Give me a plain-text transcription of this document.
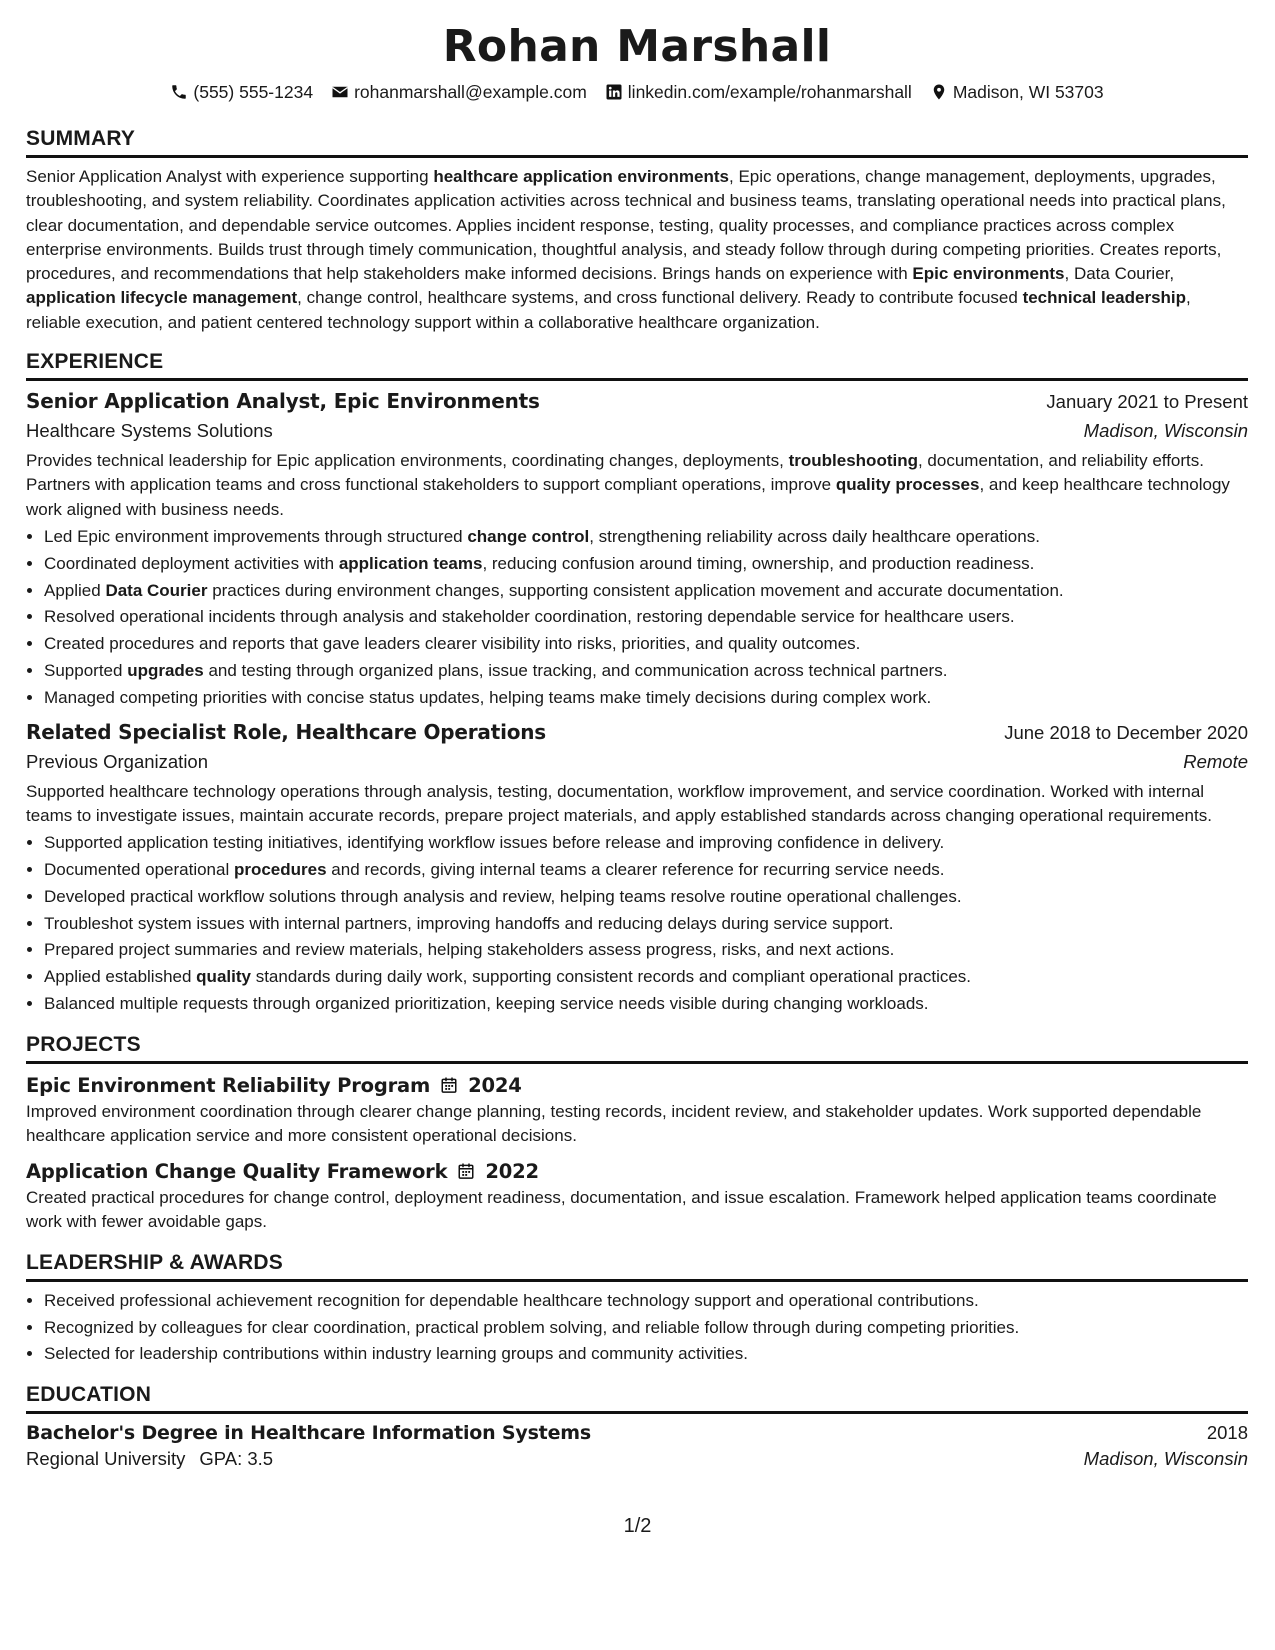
Rohan Marshall
(555) 555-1234 rohanmarshall@example.com linkedin.com/example/rohanmarshall Madison, WI 53703
SUMMARY
Senior Application Analyst with experience supporting healthcare application environments, Epic operations, change management, deployments, upgrades, troubleshooting, and system reliability. Coordinates application activities across technical and business teams, translating operational needs into practical plans, clear documentation, and dependable service outcomes. Applies incident response, testing, quality processes, and compliance practices across complex enterprise environments. Builds trust through timely communication, thoughtful analysis, and steady follow through during competing priorities. Creates reports, procedures, and recommendations that help stakeholders make informed decisions. Brings hands on experience with Epic environments, Data Courier, application lifecycle management, change control, healthcare systems, and cross functional delivery. Ready to contribute focused technical leadership, reliable execution, and patient centered technology support within a collaborative healthcare organization.
EXPERIENCE
Senior Application Analyst, Epic Environments	January 2021 to Present
Healthcare Systems Solutions	Madison, Wisconsin
Provides technical leadership for Epic application environments, coordinating changes, deployments, troubleshooting, documentation, and reliability efforts. Partners with application teams and cross functional stakeholders to support compliant operations, improve quality processes, and keep healthcare technology work aligned with business needs.
• Led Epic environment improvements through structured change control, strengthening reliability across daily healthcare operations.
• Coordinated deployment activities with application teams, reducing confusion around timing, ownership, and production readiness.
• Applied Data Courier practices during environment changes, supporting consistent application movement and accurate documentation.
• Resolved operational incidents through analysis and stakeholder coordination, restoring dependable service for healthcare users.
• Created procedures and reports that gave leaders clearer visibility into risks, priorities, and quality outcomes.
• Supported upgrades and testing through organized plans, issue tracking, and communication across technical partners.
• Managed competing priorities with concise status updates, helping teams make timely decisions during complex work.
Related Specialist Role, Healthcare Operations	June 2018 to December 2020
Previous Organization	Remote
Supported healthcare technology operations through analysis, testing, documentation, workflow improvement, and service coordination. Worked with internal teams to investigate issues, maintain accurate records, prepare project materials, and apply established standards across changing operational requirements.
• Supported application testing initiatives, identifying workflow issues before release and improving confidence in delivery.
• Documented operational procedures and records, giving internal teams a clearer reference for recurring service needs.
• Developed practical workflow solutions through analysis and review, helping teams resolve routine operational challenges.
• Troubleshot system issues with internal partners, improving handoffs and reducing delays during service support.
• Prepared project summaries and review materials, helping stakeholders assess progress, risks, and next actions.
• Applied established quality standards during daily work, supporting consistent records and compliant operational practices.
• Balanced multiple requests through organized prioritization, keeping service needs visible during changing workloads.
PROJECTS
Epic Environment Reliability Program 2024
Improved environment coordination through clearer change planning, testing records, incident review, and stakeholder updates. Work supported dependable healthcare application service and more consistent operational decisions.
Application Change Quality Framework 2022
Created practical procedures for change control, deployment readiness, documentation, and issue escalation. Framework helped application teams coordinate work with fewer avoidable gaps.
LEADERSHIP & AWARDS
• Received professional achievement recognition for dependable healthcare technology support and operational contributions.
• Recognized by colleagues for clear coordination, practical problem solving, and reliable follow through during competing priorities.
• Selected for leadership contributions within industry learning groups and community activities.
EDUCATION
Bachelor's Degree in Healthcare Information Systems	2018
Regional University GPA: 3.5	Madison, Wisconsin
1/2
